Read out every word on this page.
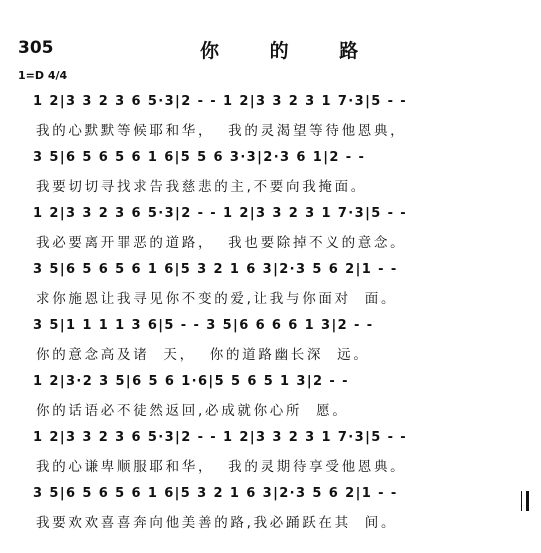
305	你 的 路
1=D 4/4
1 2|3 3 2 3 6 5·3|2 - - 1 2|3 3 2 3 1 7·3|5 - -
我的心默默等候耶和华，  我的灵渴望等待他恩典，
3 5|6 5 6 5 6 1 6|5 5 6 3·3|2·3 6 1|2 - -
我要切切寻找求告我慈悲的主,不要向我掩面。
1 2|3 3 2 3 6 5·3|2 - - 1 2|3 3 2 3 1 7·3|5 - -
我必要离开罪恶的道路，  我也要除掉不义的意念。
3 5|6 5 6 5 6 1 6|5 3 2 1 6 3|2·3 5 6 2|1 - -
求你施恩让我寻见你不变的爱,让我与你面对  面。
3 5|1 1 1 1 3 6|5 - - 3 5|6 6 6 6 1 3|2 - -
你的意念高及诸  天，  你的道路幽长深  远。
1 2|3·2 3 5|6 5 6 1·6|5 5 6 5 1 3|2 - -
你的话语必不徒然返回,必成就你心所  愿。
1 2|3 3 2 3 6 5·3|2 - - 1 2|3 3 2 3 1 7·3|5 - -
我的心谦卑顺服耶和华，  我的灵期待享受他恩典。
3 5|6 5 6 5 6 1 6|5 3 2 1 6 3|2·3 5 6 2|1 - -
我要欢欢喜喜奔向他美善的路,我必踊跃在其  间。
